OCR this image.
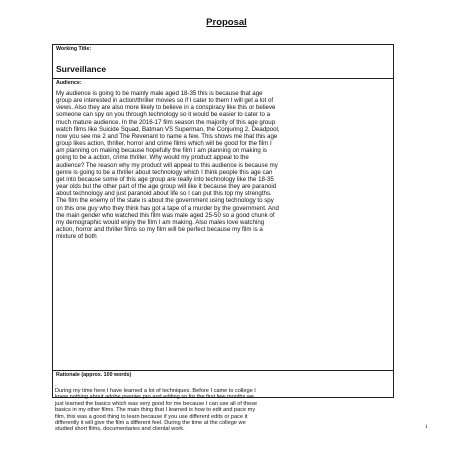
Proposal
Working Title:
Surveillance
Audience:
My audience is going to be mainly male aged 18-35 this is because that age
group are interested in action/thriller movies so if I cater to them I will get a lot of
views. Also they are also more likely to believe in a conspiracy like this or believe
someone can spy on you through technology so it would be easier to cater to a
much mature audience. In the 2016-17 film season the majority of this age group
watch films like Suicide Squad, Batman VS Superman, the Conjuring 2, Deadpool,
now you see me 2 and The Revenant to name a few. This shows me that this age
group likes action, thriller, horror and crime films which will be good for the film I
am planning on making because hopefully the film I am planning on making is
going to be a action, crime thriller. Why would my product appeal to the
audience? The reason why my product will appeal to this audience is because my
genre is going to be a thriller about technology which I think people this age can
get into because some of this age group are really into technology like the 18-35
year olds but the other part of the age group will like it because they are paranoid
about technology and just paranoid about life so I can put this top my strengths.
The film the enemy of the state is about the government using technology to spy
on this one guy who they think has got a tape of a murder by the government. And
the main gender who watched this film was male aged 25-50 so a good chunk of
my demographic would enjoy the film I am making. Also males love watching
action, horror and thriller films so my film will be perfect because my film is a
mixture of both
Rationale (approx. 100 words)
.
During my time here I have learned a lot of techniques. Before I came to college I
knew nothing about adobe premier pro and editing so for the first few months we
just learned the basics which was very good for me because I can use all of these
basics in my other films. The main thing that I learned is how to edit and pace my
film, this was a good thing to learn because if you use different edits or pace it
differently it will give the film a different feel. During the time at the college we
studied short films, documentaries and cliental work.	1
